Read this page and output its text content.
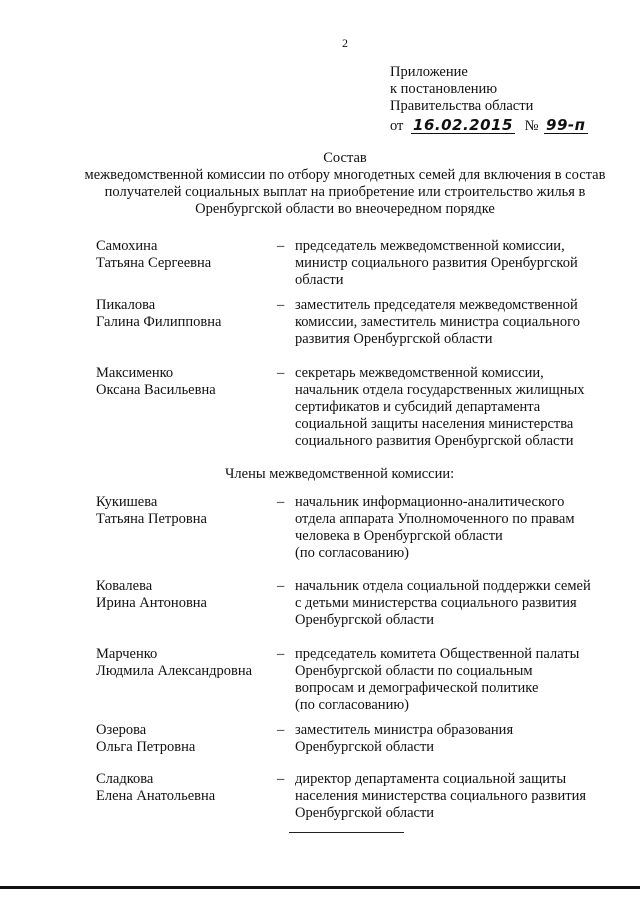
2
Приложение
к постановлению
Правительства области
от 16.02.2015 № 99-п
Состав
межведомственной комиссии по отбору многодетных семей для включения в состав получателей социальных выплат на приобретение или строительство жилья в Оренбургской области во внеочередном порядке
Самохина
Татьяна Сергеевна
– председатель межведомственной комиссии, министр социального развития Оренбургской области
Пикалова
Галина Филипповна
– заместитель председателя межведомственной комиссии, заместитель министра социального развития Оренбургской области
Максименко
Оксана Васильевна
– секретарь межведомственной комиссии, начальник отдела государственных жилищных сертификатов и субсидий департамента социальной защиты населения министерства социального развития Оренбургской области
Члены межведомственной комиссии:
Кукишева
Татьяна Петровна
– начальник информационно-аналитического отдела аппарата Уполномоченного по правам человека в Оренбургской области
(по согласованию)
Ковалева
Ирина Антоновна
– начальник отдела социальной поддержки семей с детьми министерства социального развития Оренбургской области
Марченко
Людмила Александровна
– председатель комитета Общественной палаты Оренбургской области по социальным вопросам и демографической политике
(по согласованию)
Озерова
Ольга Петровна
– заместитель министра образования Оренбургской области
Сладкова
Елена Анатольевна
– директор департамента социальной защиты населения министерства социального развития Оренбургской области
